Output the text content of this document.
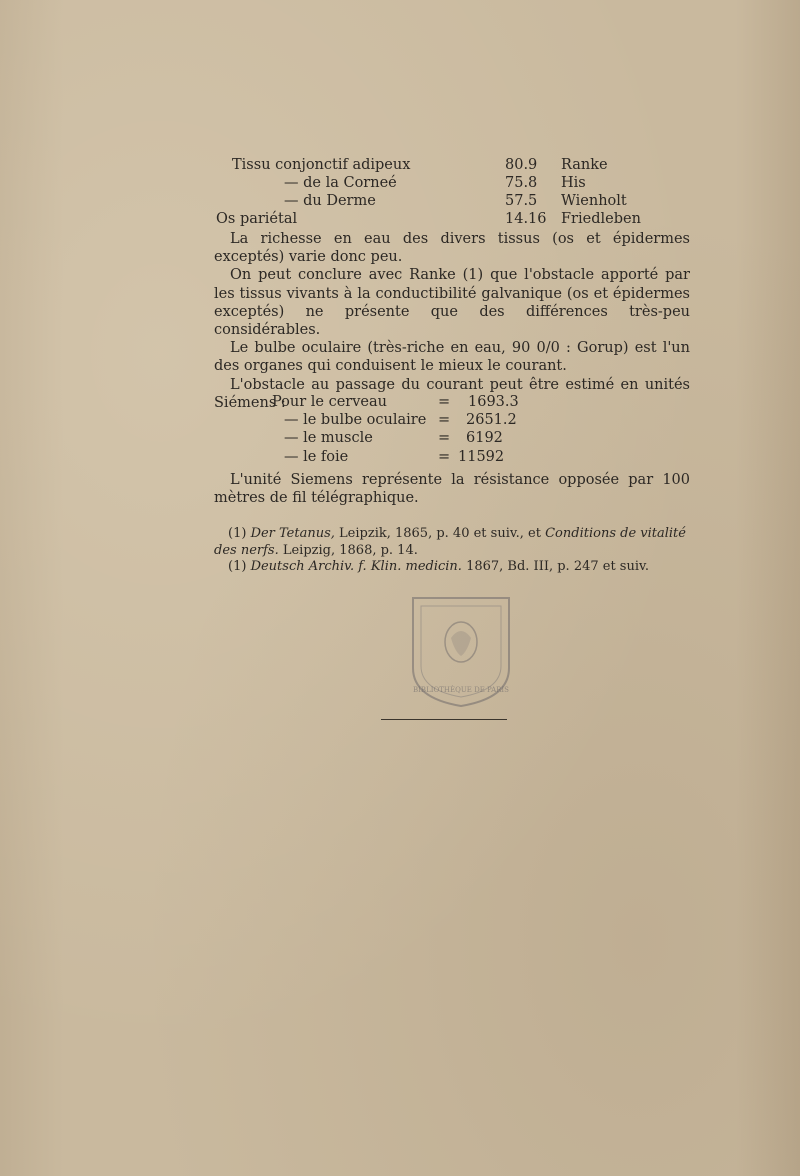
Tissu conjonctif adipeux	80.9 Ranke
— de la Corneé	75.8 His
— du Derme	57.5 Wienholt
Os pariétal	14.16 Friedleben

La richesse en eau des divers tissus (os et épidermes exceptés) varie donc peu.

On peut conclure avec Ranke (1) que l'obstacle apporté par les tissus vivants à la conductibilité galvanique (os et épidermes exceptés) ne présente que des différences très-peu considérables.

Le bulbe oculaire (très-riche en eau, 90 0/0 : Gorup) est l'un des organes qui conduisent le mieux le courant.

L'obstacle au passage du courant peut être estimé en unités Siémens :

Pour le cerveau	= 1693.3
— le bulbe oculaire = 2651.2
— le muscle	= 6192
— le foie	= 11592

L'unité Siemens représente la résistance opposée par 100 mètres de fil télégraphique.

(1) Der Tetanus, Leipzik, 1865, p. 40 et suiv., et Conditions de vitalité des nerfs. Leipzig, 1868, p. 14.
(1) Deutsch Archiv. f. Klin. medicin. 1867, Bd. III, p. 247 et suiv.
BIBLIOTHÈQUE DE PARIS
